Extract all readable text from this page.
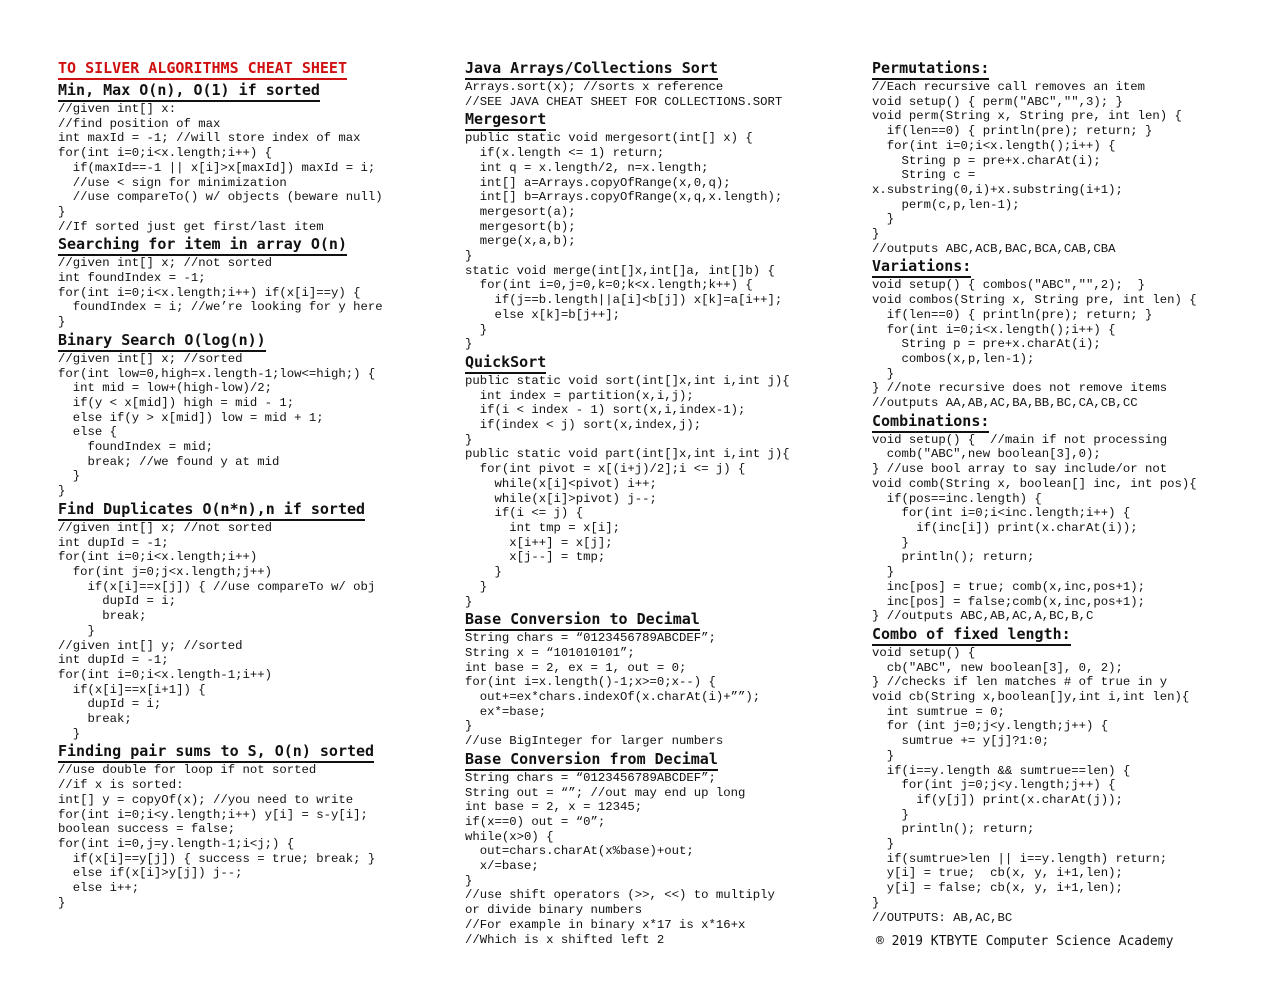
TO SILVER ALGORITHMS CHEAT SHEET
Min, Max O(n), O(1) if sorted
//given int[] x:
//find position of max
int maxId = -1; //will store index of max
for(int i=0;i<x.length;i++) {
if(maxId==-1 || x[i]>x[maxId]) maxId = i;
//use < sign for minimization
//use compareTo() w/ objects (beware null)
}
//If sorted just get first/last item
Searching for item in array O(n)
//given int[] x; //not sorted
int foundIndex = -1;
for(int i=0;i<x.length;i++) if(x[i]==y) {
foundIndex = i; //we’re looking for y here
}
Binary Search O(log(n))
//given int[] x; //sorted
for(int low=0,high=x.length-1;low<=high;) {
int mid = low+(high-low)/2;
if(y < x[mid]) high = mid - 1;
else if(y > x[mid]) low = mid + 1;
else {
foundIndex = mid;
break; //we found y at mid
}
}
Find Duplicates O(n*n),n if sorted
//given int[] x; //not sorted
int dupId = -1;
for(int i=0;i<x.length;i++)
for(int j=0;j<x.length;j++)
if(x[i]==x[j]) { //use compareTo w/ obj
dupId = i;
break;
}
//given int[] y; //sorted
int dupId = -1;
for(int i=0;i<x.length-1;i++)
if(x[i]==x[i+1]) {
dupId = i;
break;
}
Finding pair sums to S, O(n) sorted
//use double for loop if not sorted
//if x is sorted:
int[] y = copyOf(x); //you need to write
for(int i=0;i<y.length;i++) y[i] = s-y[i];
boolean success = false;
for(int i=0,j=y.length-1;i<j;) {
if(x[i]==y[j]) { success = true; break; }
else if(x[i]>y[j]) j--;
else i++;
}
Java Arrays/Collections Sort
Arrays.sort(x); //sorts x reference
//SEE JAVA CHEAT SHEET FOR COLLECTIONS.SORT
Mergesort
public static void mergesort(int[] x) {
if(x.length <= 1) return;
int q = x.length/2, n=x.length;
int[] a=Arrays.copyOfRange(x,0,q);
int[] b=Arrays.copyOfRange(x,q,x.length);
mergesort(a);
mergesort(b);
merge(x,a,b);
}
static void merge(int[]x,int[]a, int[]b) {
for(int i=0,j=0,k=0;k<x.length;k++) {
if(j==b.length||a[i]<b[j]) x[k]=a[i++];
else x[k]=b[j++];
}
}
QuickSort
public static void sort(int[]x,int i,int j){
int index = partition(x,i,j);
if(i < index - 1) sort(x,i,index-1);
if(index < j) sort(x,index,j);
}
public static void part(int[]x,int i,int j){
for(int pivot = x[(i+j)/2];i <= j) {
while(x[i]<pivot) i++;
while(x[i]>pivot) j--;
if(i <= j) {
int tmp = x[i];
x[i++] = x[j];
x[j--] = tmp;
}
}
}
Base Conversion to Decimal
String chars = “0123456789ABCDEF”;
String x = “101010101”;
int base = 2, ex = 1, out = 0;
for(int i=x.length()-1;x>=0;x--) {
out+=ex*chars.indexOf(x.charAt(i)+””);
ex*=base;
}
//use BigInteger for larger numbers
Base Conversion from Decimal
String chars = “0123456789ABCDEF”;
String out = “”; //out may end up long
int base = 2, x = 12345;
if(x==0) out = “0”;
while(x>0) {
out=chars.charAt(x%base)+out;
x/=base;
}
//use shift operators (>>, <<) to multiply
or divide binary numbers
//For example in binary x*17 is x*16+x
//Which is x shifted left 2
Permutations:
//Each recursive call removes an item
void setup() { perm("ABC","",3); }
void perm(String x, String pre, int len) {
if(len==0) { println(pre); return; }
for(int i=0;i<x.length();i++) {
String p = pre+x.charAt(i);
String c =
x.substring(0,i)+x.substring(i+1);
perm(c,p,len-1);
}
}
//outputs ABC,ACB,BAC,BCA,CAB,CBA
Variations:
void setup() { combos("ABC","",2);  }
void combos(String x, String pre, int len) {
if(len==0) { println(pre); return; }
for(int i=0;i<x.length();i++) {
String p = pre+x.charAt(i);
combos(x,p,len-1);
}
} //note recursive does not remove items
//outputs AA,AB,AC,BA,BB,BC,CA,CB,CC
Combinations:
void setup() {  //main if not processing
comb("ABC",new boolean[3],0);
} //use bool array to say include/or not
void comb(String x, boolean[] inc, int pos){
if(pos==inc.length) {
for(int i=0;i<inc.length;i++) {
if(inc[i]) print(x.charAt(i));
}
println(); return;
}
inc[pos] = true; comb(x,inc,pos+1);
inc[pos] = false;comb(x,inc,pos+1);
} //outputs ABC,AB,AC,A,BC,B,C
Combo of fixed length:
void setup() {
cb("ABC", new boolean[3], 0, 2);
} //checks if len matches # of true in y
void cb(String x,boolean[]y,int i,int len){
int sumtrue = 0;
for (int j=0;j<y.length;j++) {
sumtrue += y[j]?1:0;
}
if(i==y.length && sumtrue==len) {
for(int j=0;j<y.length;j++) {
if(y[j]) print(x.charAt(j));
}
println(); return;
}
if(sumtrue>len || i==y.length) return;
y[i] = true;  cb(x, y, i+1,len);
y[i] = false; cb(x, y, i+1,len);
}
//OUTPUTS: AB,AC,BC
® 2019 KTBYTE Computer Science Academy
